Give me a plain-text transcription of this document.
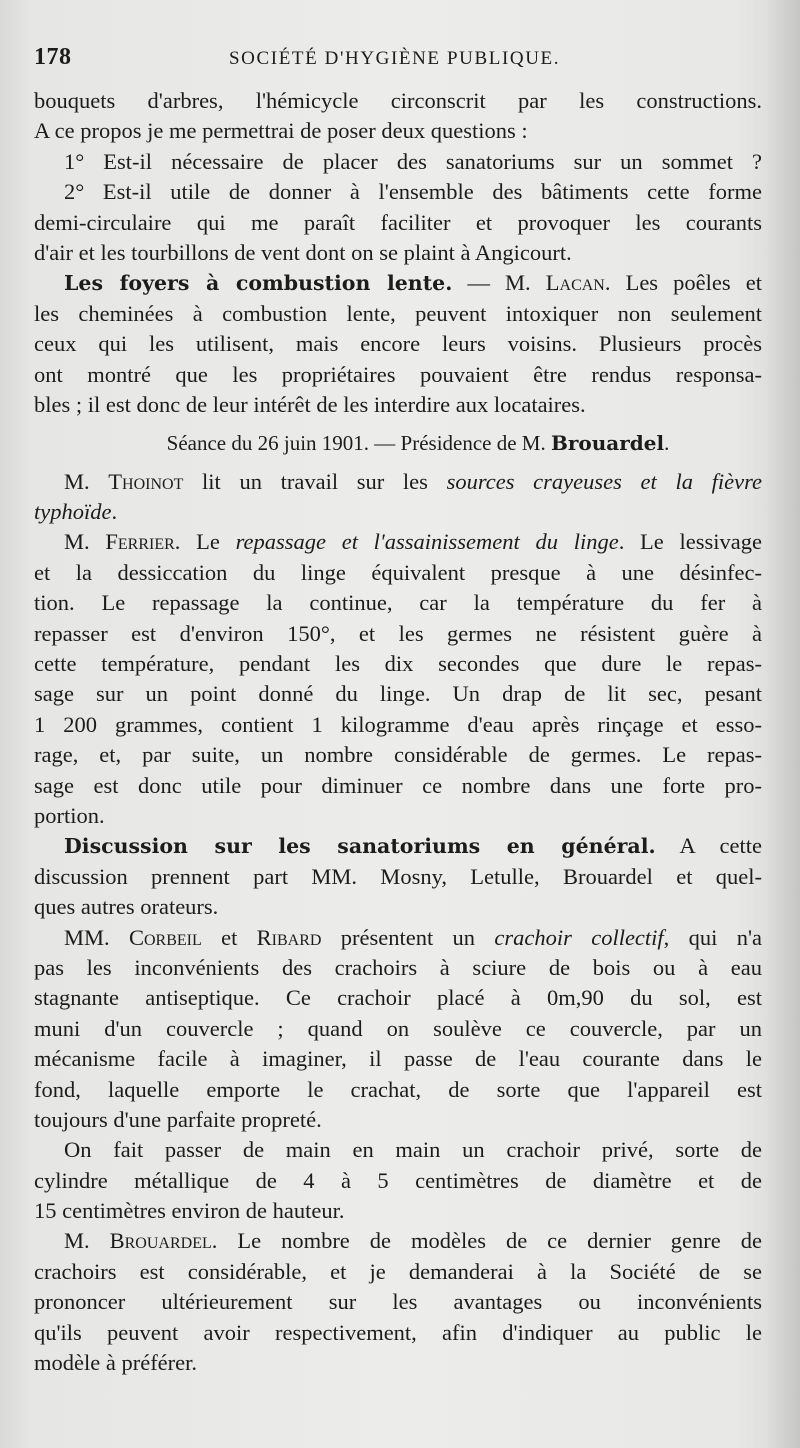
178	SOCIÉTÉ D'HYGIÈNE PUBLIQUE.
bouquets d'arbres, l'hémicycle circonscrit par les constructions.
A ce propos je me permettrai de poser deux questions :
1° Est-il nécessaire de placer des sanatoriums sur un sommet ?
2° Est-il utile de donner à l'ensemble des bâtiments cette forme
demi-circulaire qui me paraît faciliter et provoquer les courants
d'air et les tourbillons de vent dont on se plaint à Angicourt.
Les foyers à combustion lente. — M. Lacan. Les poêles et
les cheminées à combustion lente, peuvent intoxiquer non seulement
ceux qui les utilisent, mais encore leurs voisins. Plusieurs procès
ont montré que les propriétaires pouvaient être rendus responsa-
bles ; il est donc de leur intérêt de les interdire aux locataires.
Séance du 26 juin 1901. — Présidence de M. Brouardel.
M. Thoinot lit un travail sur les sources crayeuses et la fièvre
typhoïde.
M. Ferrier. Le repassage et l'assainissement du linge. Le lessivage
et la dessiccation du linge équivalent presque à une désinfec-
tion. Le repassage la continue, car la température du fer à
repasser est d'environ 150°, et les germes ne résistent guère à
cette température, pendant les dix secondes que dure le repas-
sage sur un point donné du linge. Un drap de lit sec, pesant
1 200 grammes, contient 1 kilogramme d'eau après rinçage et esso-
rage, et, par suite, un nombre considérable de germes. Le repas-
sage est donc utile pour diminuer ce nombre dans une forte pro-
portion.
Discussion sur les sanatoriums en général. A cette
discussion prennent part MM. Mosny, Letulle, Brouardel et quel-
ques autres orateurs.
MM. Corbeil et Ribard présentent un crachoir collectif, qui n'a
pas les inconvénients des crachoirs à sciure de bois ou à eau
stagnante antiseptique. Ce crachoir placé à 0m,90 du sol, est
muni d'un couvercle ; quand on soulève ce couvercle, par un
mécanisme facile à imaginer, il passe de l'eau courante dans le
fond, laquelle emporte le crachat, de sorte que l'appareil est
toujours d'une parfaite propreté.
On fait passer de main en main un crachoir privé, sorte de
cylindre métallique de 4 à 5 centimètres de diamètre et de
15 centimètres environ de hauteur.
M. Brouardel. Le nombre de modèles de ce dernier genre de
crachoirs est considérable, et je demanderai à la Société de se
prononcer ultérieurement sur les avantages ou inconvénients
qu'ils peuvent avoir respectivement, afin d'indiquer au public le
modèle à préférer.
